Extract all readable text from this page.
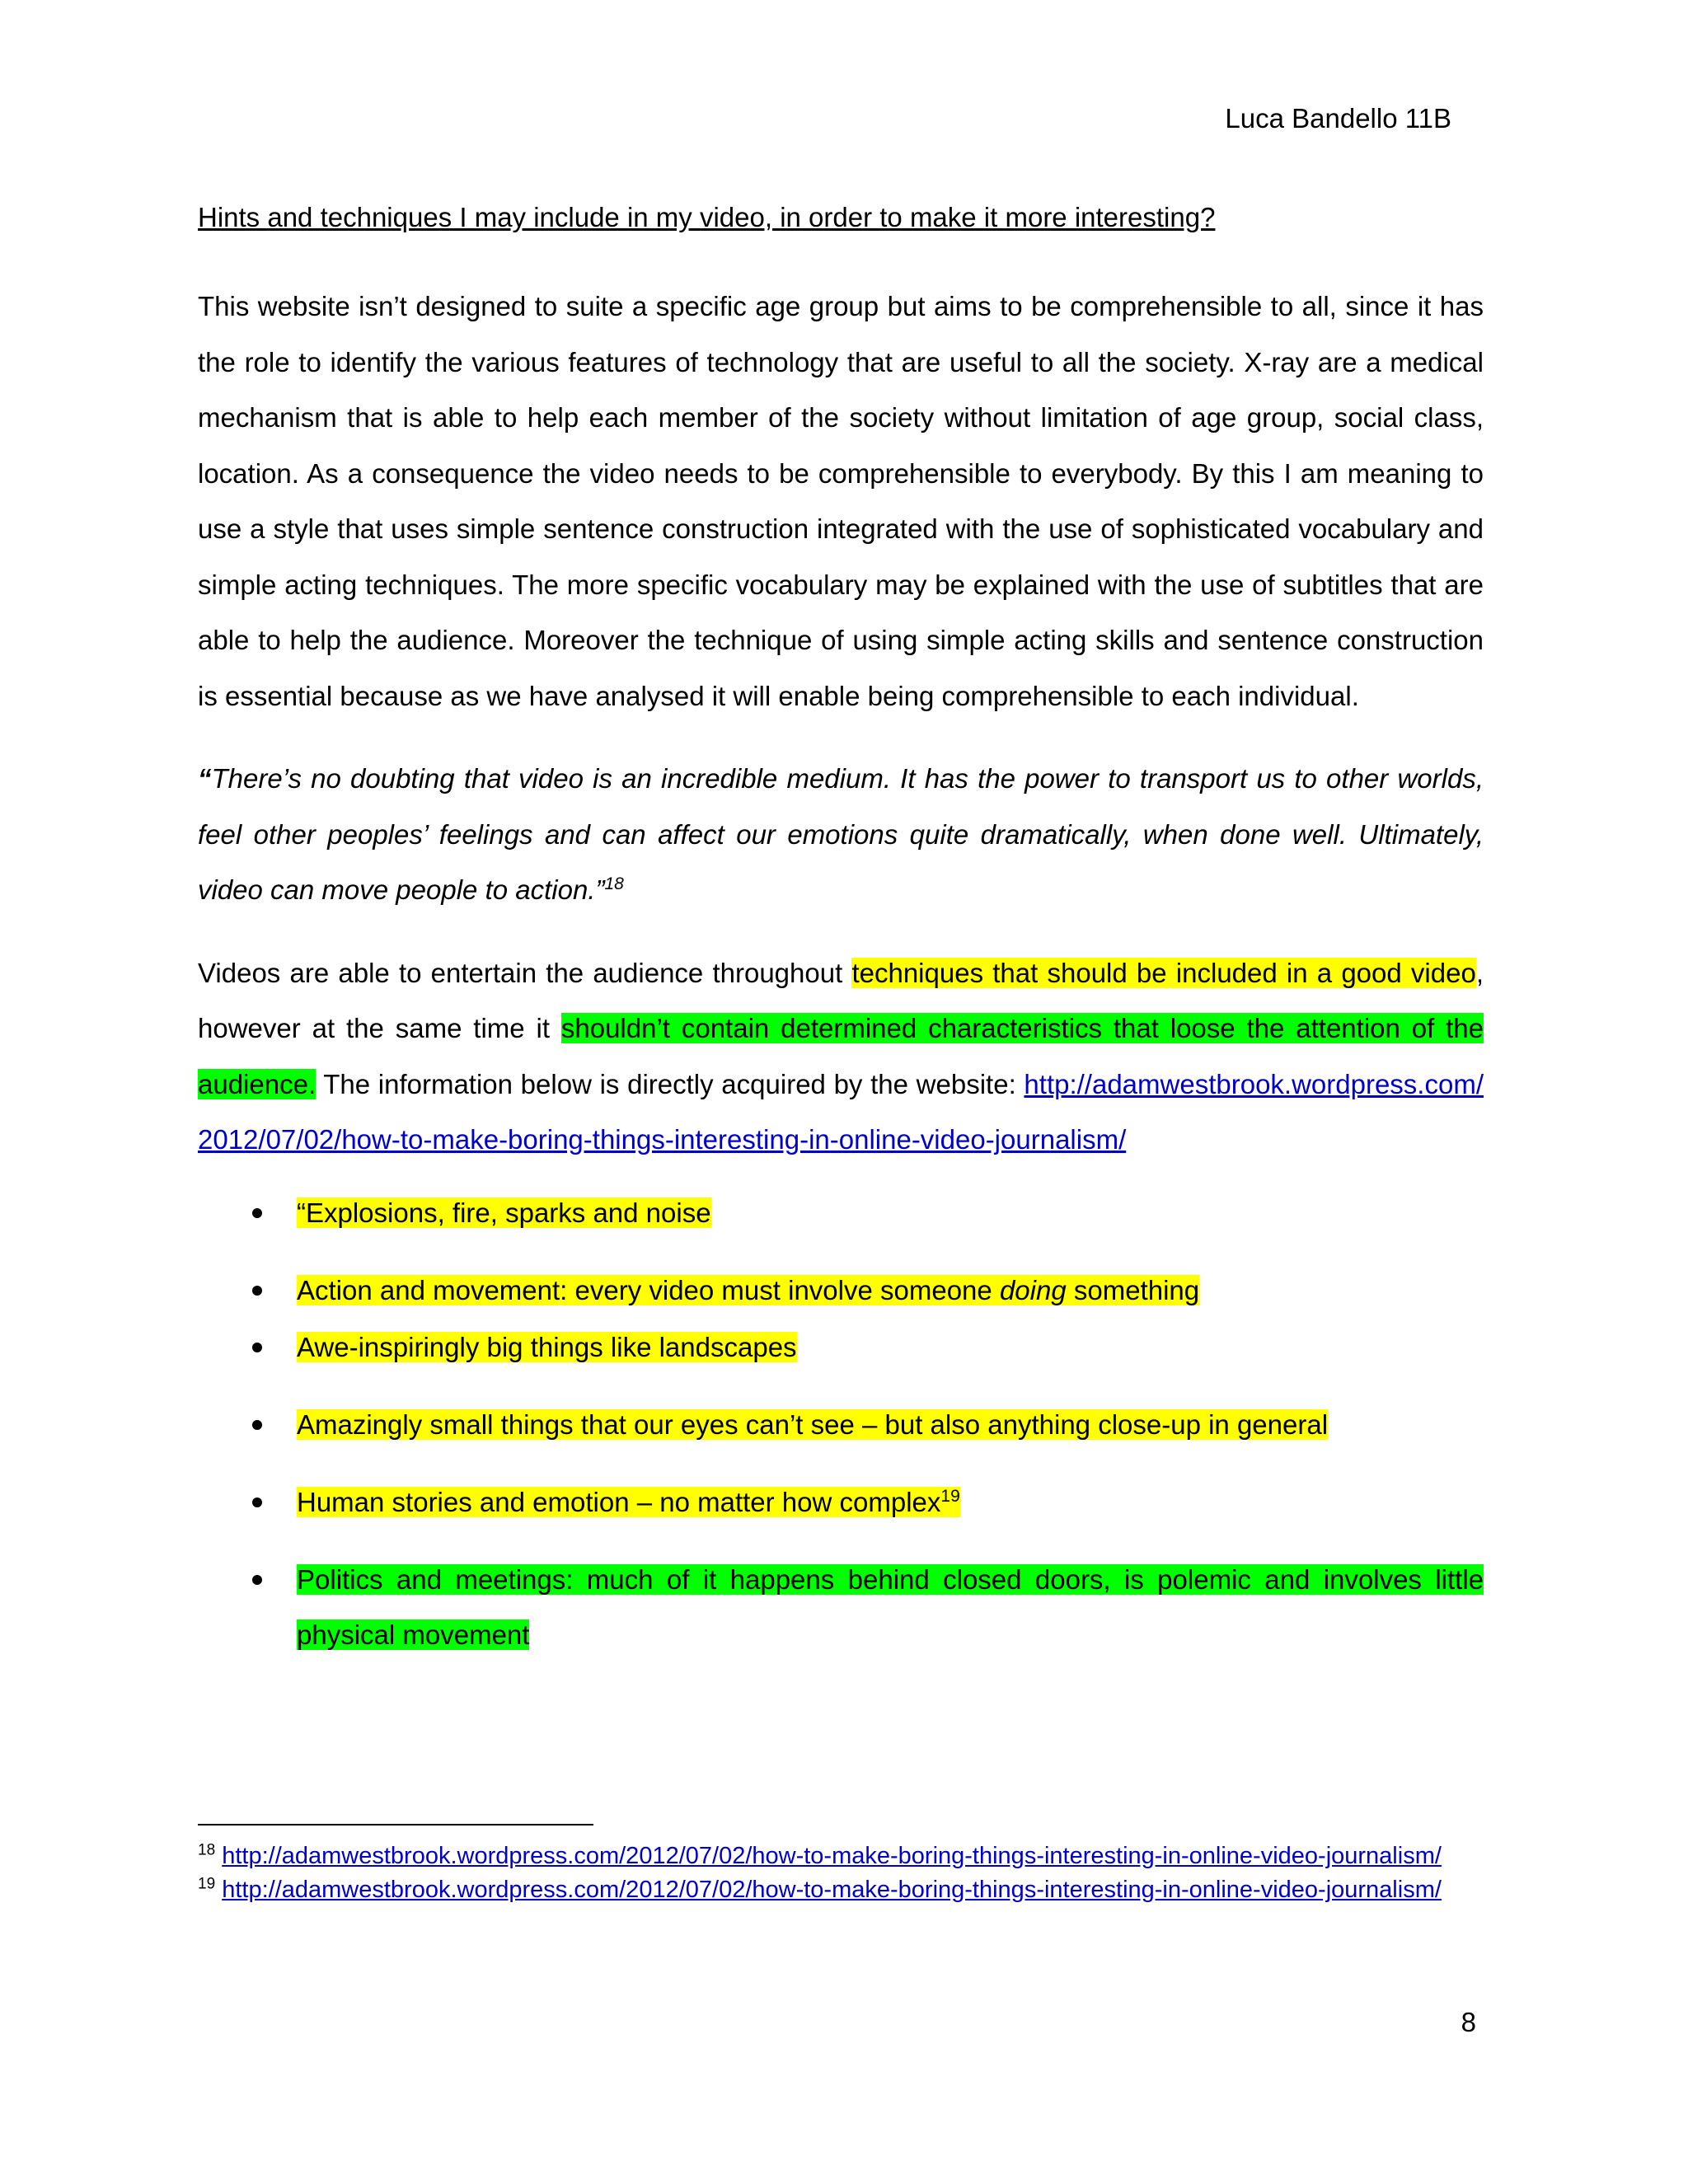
Luca Bandello 11B

Hints and techniques I may include in my video, in order to make it more interesting?

This website isn’t designed to suite a specific age group but aims to be comprehensible to all, since it has the role to identify the various features of technology that are useful to all the society. X-ray are a medical mechanism that is able to help each member of the society without limitation of age group, social class, location. As a consequence the video needs to be comprehensible to everybody. By this I am meaning to use a style that uses simple sentence construction integrated with the use of sophisticated vocabulary and simple acting techniques. The more specific vocabulary may be explained with the use of subtitles that are able to help the audience. Moreover the technique of using simple acting skills and sentence construction is essential because as we have analysed it will enable being comprehensible to each individual.

“There’s no doubting that video is an incredible medium. It has the power to transport us to other worlds, feel other peoples’ feelings and can affect our emotions quite dramatically, when done well. Ultimately, video can move people to action.”$^{18}$

Videos are able to entertain the audience throughout techniques that should be included in a good video, however at the same time it shouldn’t contain determined characteristics that loose the attention of the audience. The information below is directly acquired by the website: http://adamwestbrook.wordpress.com/2012/07/02/how-to-make-boring-things-interesting-in-online-video-journalism/

“Explosions, fire, sparks and noise
Action and movement: every video must involve someone doing something
Awe-inspiringly big things like landscapes
Amazingly small things that our eyes can’t see – but also anything close-up in general
Human stories and emotion – no matter how complex$^{19}$
Politics and meetings: much of it happens behind closed doors, is polemic and involves little physical movement

$^{18}$ http://adamwestbrook.wordpress.com/2012/07/02/how-to-make-boring-things-interesting-in-online-video-journalism/

$^{19}$ http://adamwestbrook.wordpress.com/2012/07/02/how-to-make-boring-things-interesting-in-online-video-journalism/

8
